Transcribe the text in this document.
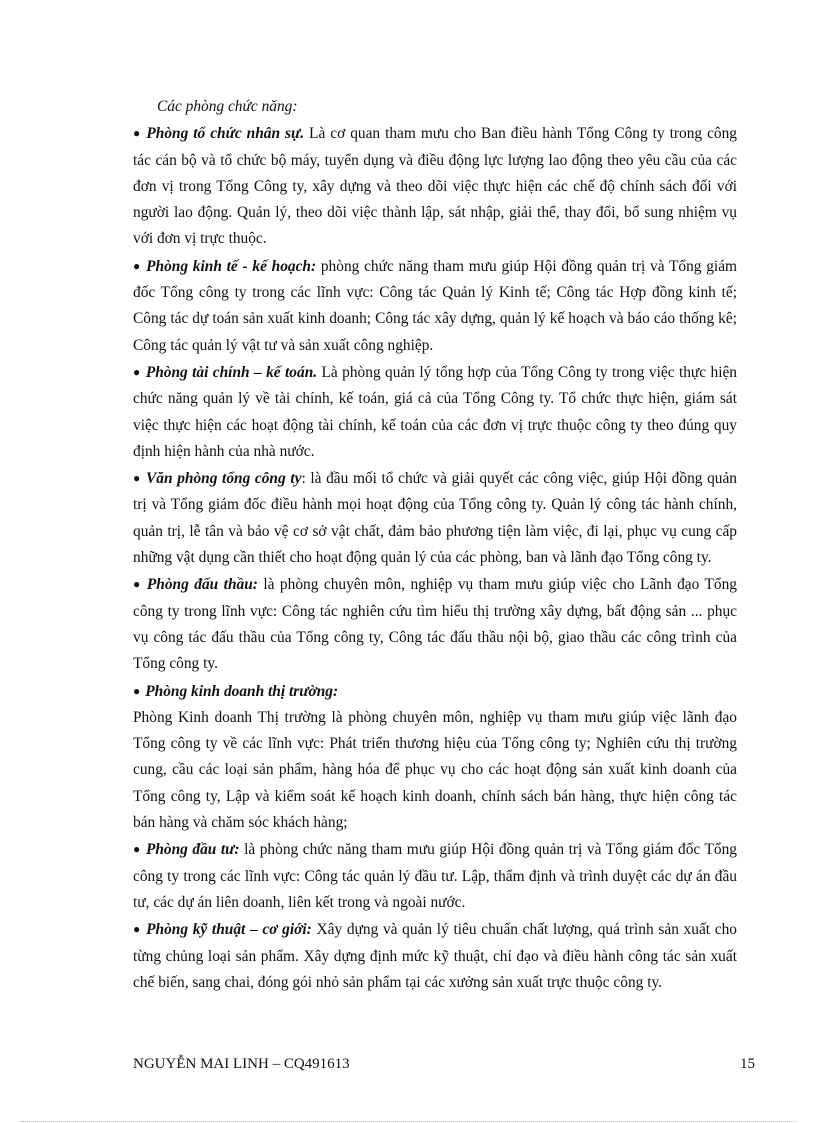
Các phòng chức năng:

● Phòng tổ chức nhân sự. Là cơ quan tham mưu cho Ban điều hành Tổng Công ty trong công tác cán bộ và tổ chức bộ máy, tuyển dụng và điều động lực lượng lao động theo yêu cầu của các đơn vị trong Tổng Công ty, xây dựng và theo dõi việc thực hiện các chế độ chính sách đối với người lao động. Quản lý, theo dõi việc thành lập, sát nhập, giải thể, thay đổi, bổ sung nhiệm vụ với đơn vị trực thuộc.

● Phòng kinh tế - kế hoạch: phòng chức năng tham mưu giúp Hội đồng quản trị và Tổng giám đốc Tổng công ty trong các lĩnh vực: Công tác Quản lý Kinh tế; Công tác Hợp đồng kinh tế; Công tác dự toán sản xuất kinh doanh; Công tác xây dựng, quản lý kế hoạch và báo cáo thống kê; Công tác quản lý vật tư và sản xuất công nghiệp.

● Phòng tài chính – kế toán. Là phòng quản lý tổng hợp của Tổng Công ty trong việc thực hiện chức năng quản lý về tài chính, kế toán, giá cả của Tổng Công ty. Tổ chức thực hiện, giám sát việc thực hiện các hoạt động tài chính, kế toán của các đơn vị trực thuộc công ty theo đúng quy định hiện hành của nhà nước.

● Văn phòng tổng công ty: là đầu mối tổ chức và giải quyết các công việc, giúp Hội đồng quản trị và Tổng giám đốc điều hành mọi hoạt động của Tổng công ty. Quản lý công tác hành chính, quản trị, lễ tân và bảo vệ cơ sở vật chất, đảm bảo phương tiện làm việc, đi lại, phục vụ cung cấp những vật dụng cần thiết cho hoạt động quản lý của các phòng, ban và lãnh đạo Tổng công ty.

● Phòng đấu thầu: là phòng chuyên môn, nghiệp vụ tham mưu giúp việc cho Lãnh đạo Tổng công ty trong lĩnh vực: Công tác nghiên cứu tìm hiểu thị trường xây dựng, bất động sản ... phục vụ công tác đấu thầu của Tổng công ty, Công tác đấu thầu nội bộ, giao thầu các công trình của Tổng công ty.

● Phòng kinh doanh thị trường:

Phòng Kinh doanh Thị trường là phòng chuyên môn, nghiệp vụ tham mưu giúp việc lãnh đạo Tổng công ty về các lĩnh vực: Phát triển thương hiệu của Tổng công ty; Nghiên cứu thị trường cung, cầu các loại sản phẩm, hàng hóa để phục vụ cho các hoạt động sản xuất kinh doanh của Tổng công ty, Lập và kiểm soát kế hoạch kinh doanh, chính sách bán hàng, thực hiện công tác bán hàng và chăm sóc khách hàng;

● Phòng đầu tư: là phòng chức năng tham mưu giúp Hội đồng quản trị và Tổng giám đốc Tổng công ty trong các lĩnh vực: Công tác quản lý đầu tư. Lập, thẩm định và trình duyệt các dự án đầu tư, các dự án liên doanh, liên kết trong và ngoài nước.

● Phòng kỹ thuật – cơ giới: Xây dựng và quản lý tiêu chuẩn chất lượng, quá trình sản xuất cho từng chủng loại sản phẩm. Xây dựng định mức kỹ thuật, chỉ đạo và điều hành công tác sản xuất chế biến, sang chai, đóng gói nhỏ sản phẩm tại các xưởng sản xuất trực thuộc công ty.

NGUYỄN MAI LINH – CQ491613	15
